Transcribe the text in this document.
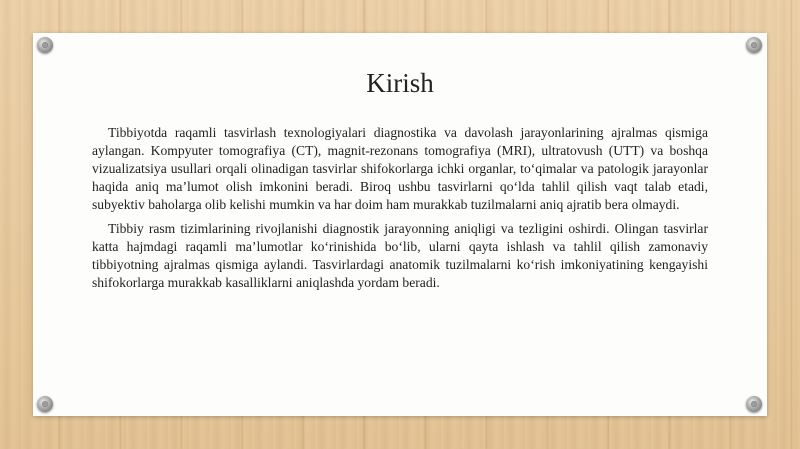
Kirish

Tibbiyotda raqamli tasvirlash texnologiyalari diagnostika va davolash jarayonlarining ajralmas qismiga aylangan. Kompyuter tomografiya (CT), magnit-rezonans tomografiya (MRI), ultratovush (UTT) va boshqa vizualizatsiya usullari orqali olinadigan tasvirlar shifokorlarga ichki organlar, to‘qimalar va patologik jarayonlar haqida aniq ma’lumot olish imkonini beradi. Biroq ushbu tasvirlarni qo‘lda tahlil qilish vaqt talab etadi, subyektiv baholarga olib kelishi mumkin va har doim ham murakkab tuzilmalarni aniq ajratib bera olmaydi.

Tibbiy rasm tizimlarining rivojlanishi diagnostik jarayonning aniqligi va tezligini oshirdi. Olingan tasvirlar katta hajmdagi raqamli ma’lumotlar ko‘rinishida bo‘lib, ularni qayta ishlash va tahlil qilish zamonaviy tibbiyotning ajralmas qismiga aylandi. Tasvirlardagi anatomik tuzilmalarni ko‘rish imkoniyatining kengayishi shifokorlarga murakkab kasalliklarni aniqlashda yordam beradi.
